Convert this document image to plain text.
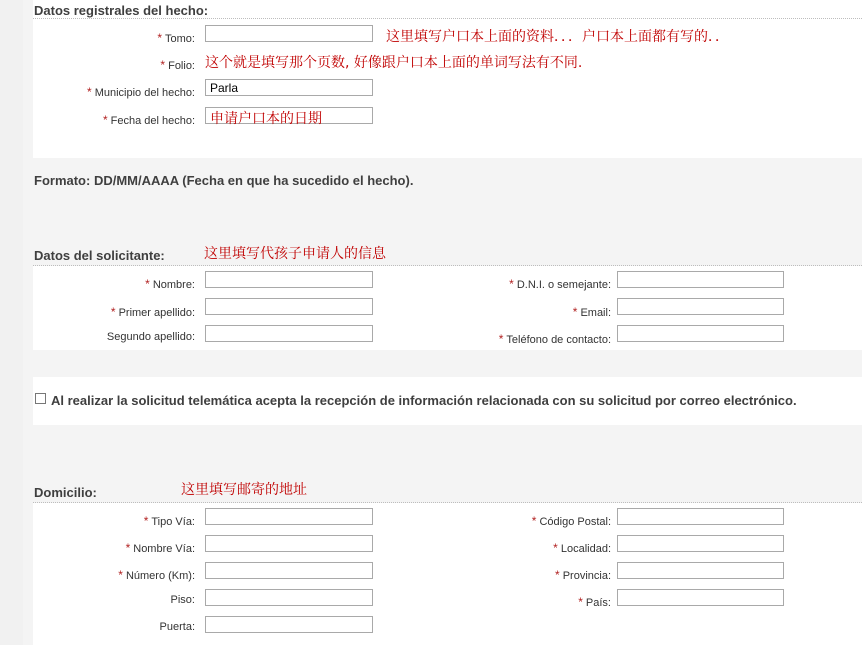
Datos registrales del hecho:
* Tomo:	这里填写户口本上面的资料．．．户口本上面都有写的．．
* Folio: 这个就是填写那个页数, 好像跟户口本上面的单词写法有不同.
* Municipio del hecho:
Parla
* Fecha del hecho: 申请户口本的日期
Formato: DD/MM/AAAA (Fecha en que ha sucedido el hecho).
Datos del solicitante:	这里填写代孩子申请人的信息
* Nombre:
* Primer apellido:
Segundo apellido:
* D.N.I. o semejante:
* Email:
* Teléfono de contacto:
Al realizar la solicitud telemática acepta la recepción de información relacionada con su solicitud por correo electrónico.
Domicilio:	这里填写邮寄的地址
* Tipo Vía:
* Nombre Vía:
* Número (Km):
Piso:
Puerta:
* Código Postal:
* Localidad:
* Provincia:
* País:
